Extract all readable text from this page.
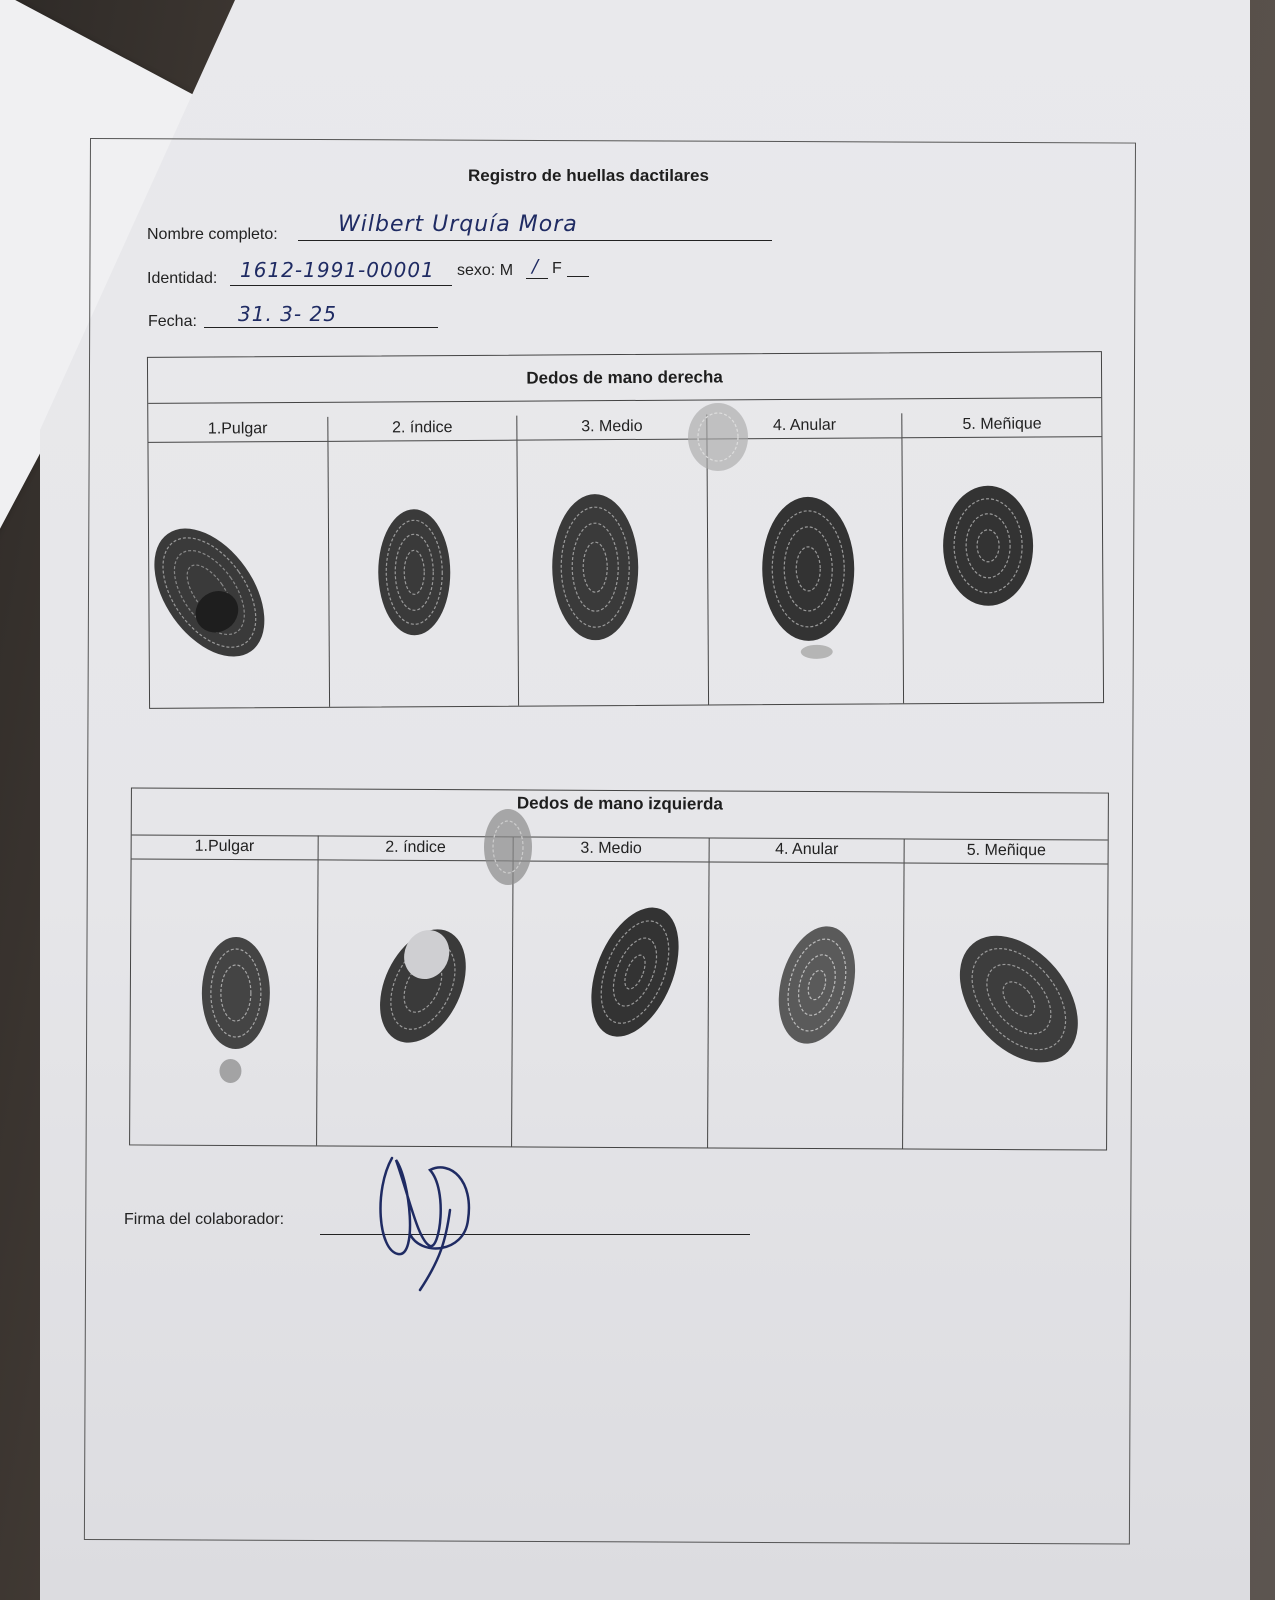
Registro de huellas dactilares
Nombre completo:	Wilbert Urquía Mora
Identidad: 1612-1991-00001 sexo: M / F
Fecha: 31. 3- 25
Dedos de mano derecha
1.Pulgar	2. índice	3. Medio	4. Anular	5. Meñique
Dedos de mano izquierda
1.Pulgar	2. índice	3. Medio	4. Anular	5. Meñique
Firma del colaborador:
